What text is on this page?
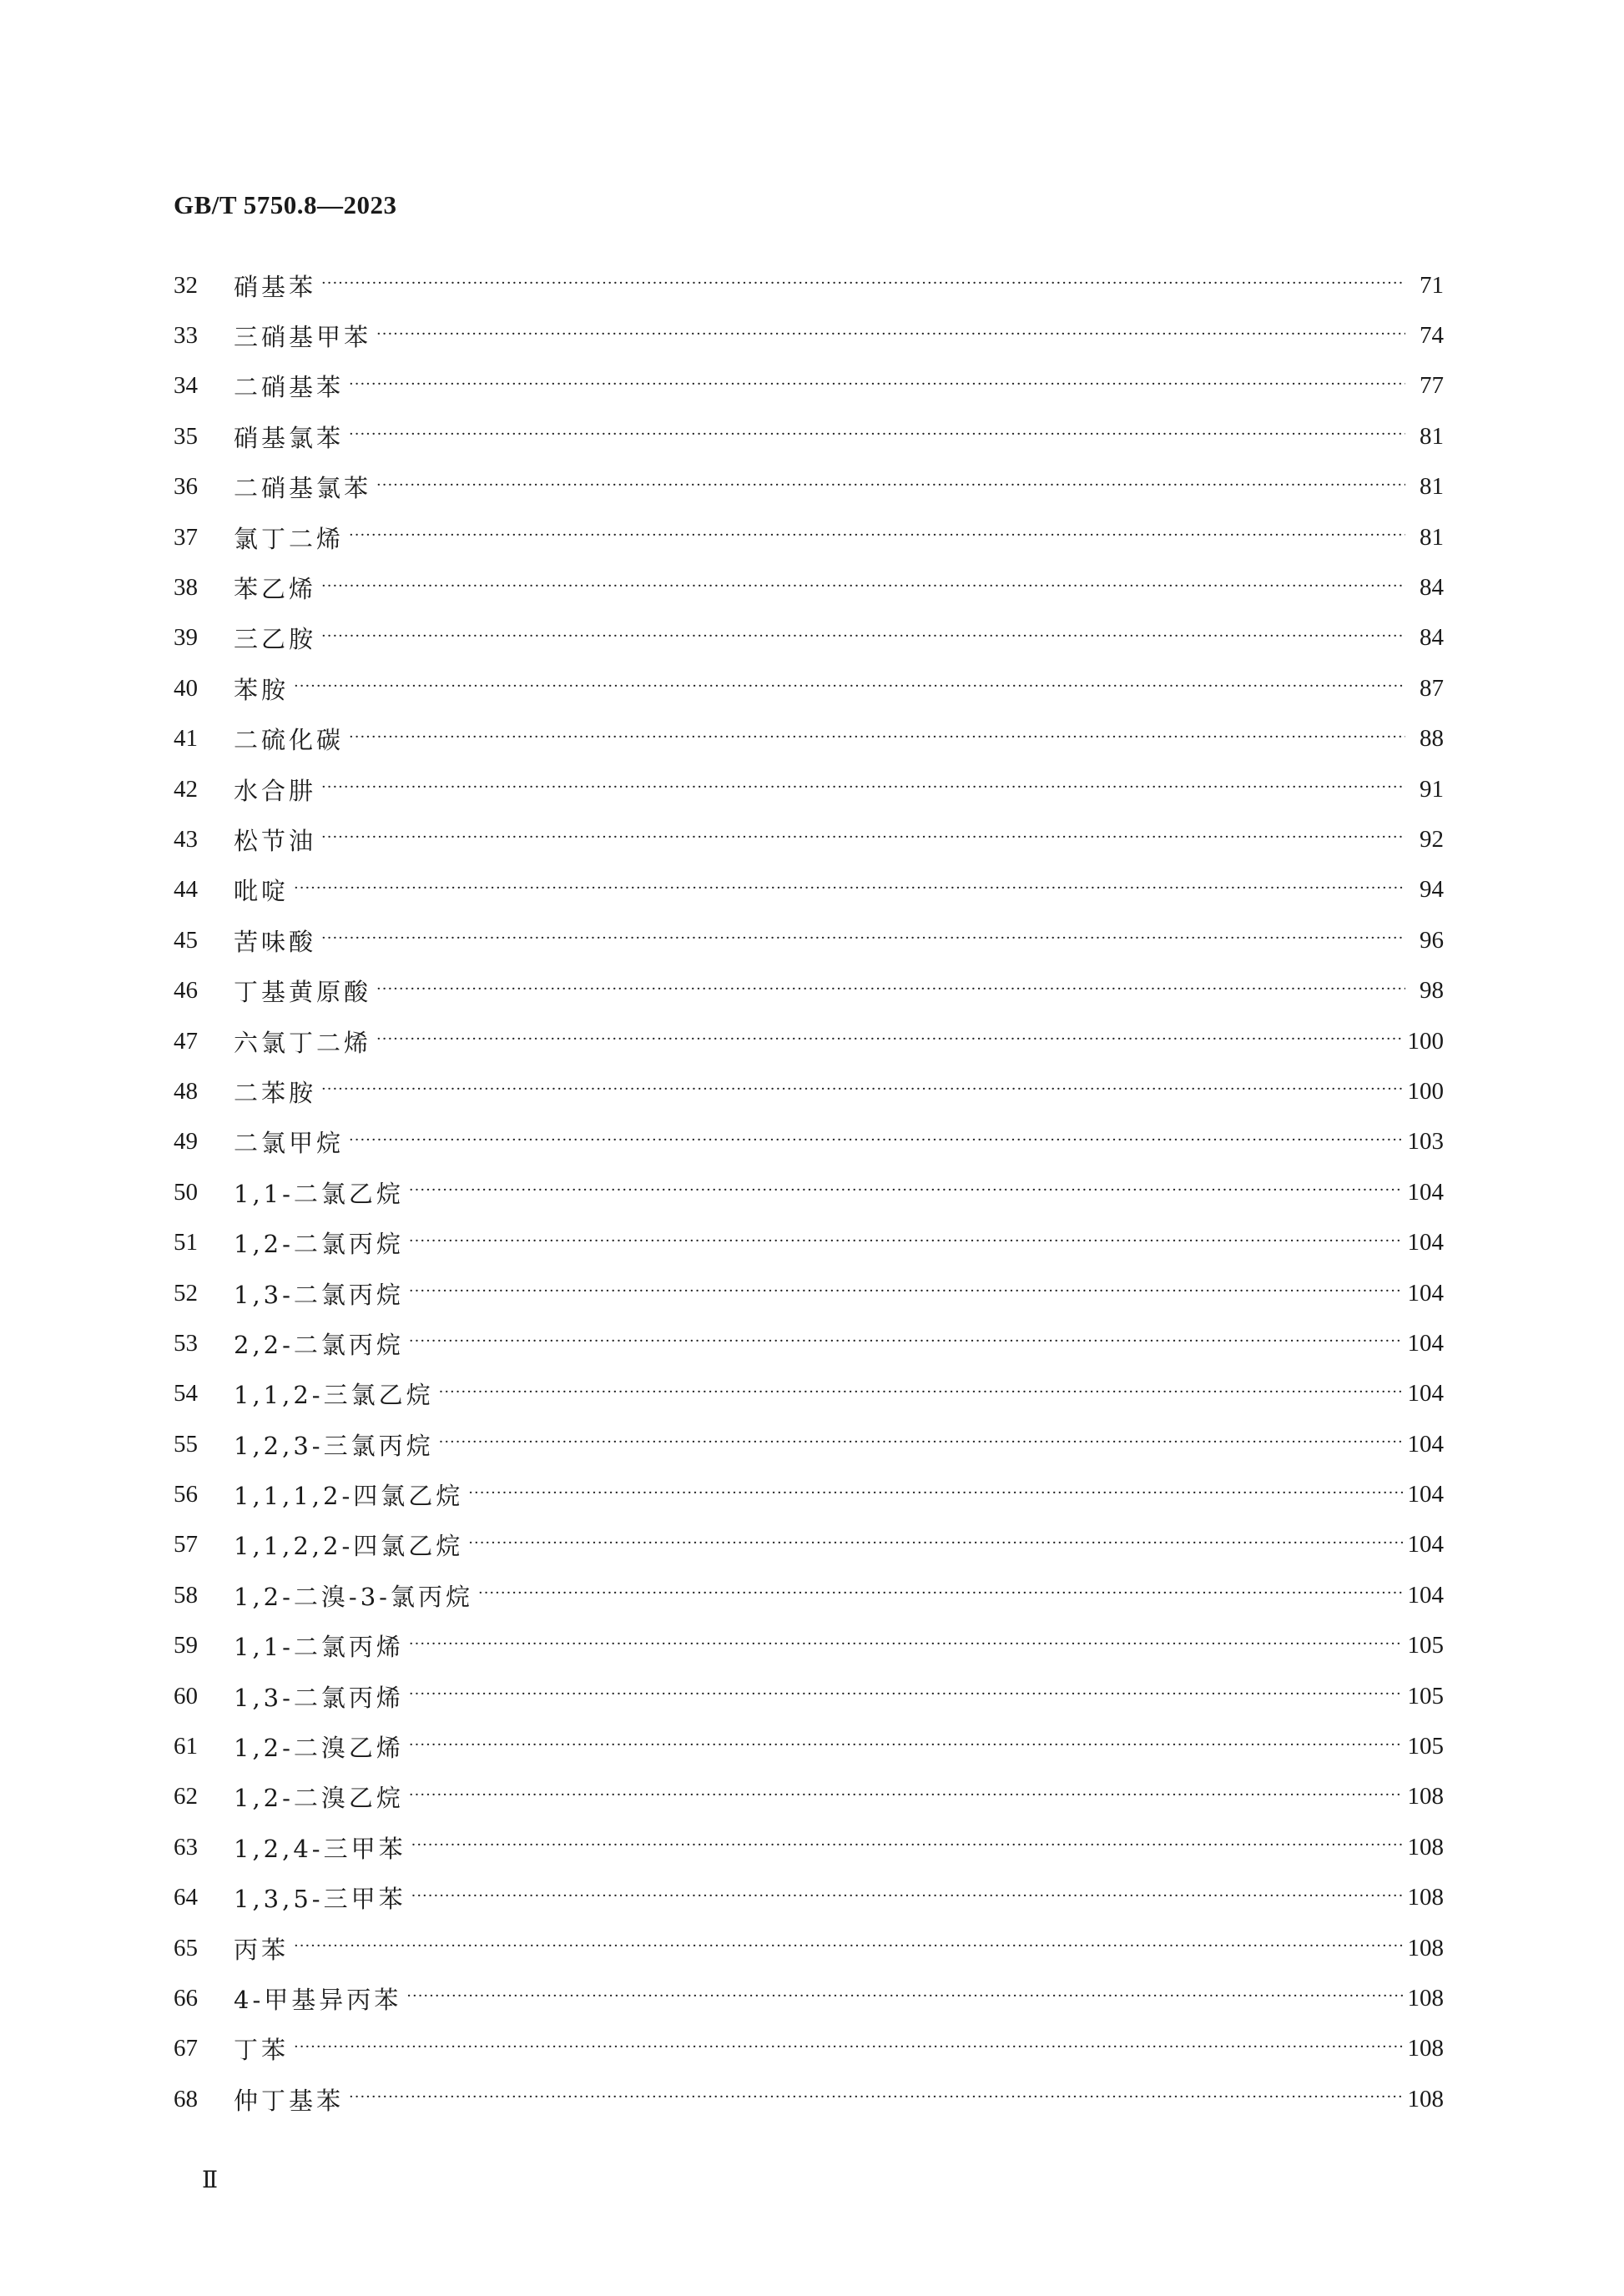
GB/T 5750.8—2023
32	硝基苯 ·····	71
33	三硝基甲苯 ·····	74
34	二硝基苯 ·····	77
35	硝基氯苯 ·····	81
36	二硝基氯苯 ·····	81
37	氯丁二烯 ·····	81
38	苯乙烯 ·····	84
39	三乙胺 ·····	84
40	苯胺 ·····	87
41	二硫化碳 ·····	88
42	水合肼 ·····	91
43	松节油 ·····	92
44	吡啶 ·····	94
45	苦味酸 ·····	96
46	丁基黄原酸 ·····	98
47	六氯丁二烯 ·····	100
48	二苯胺 ·····	100
49	二氯甲烷 ·····	103
50	1,1-二氯乙烷 ·····	104
51	1,2-二氯丙烷 ·····	104
52	1,3-二氯丙烷 ·····	104
53	2,2-二氯丙烷 ·····	104
54	1,1,2-三氯乙烷 ·····	104
55	1,2,3-三氯丙烷 ·····	104
56	1,1,1,2-四氯乙烷 ·····	104
57	1,1,2,2-四氯乙烷 ·····	104
58	1,2-二溴-3-氯丙烷 ·····	104
59	1,1-二氯丙烯 ·····	105
60	1,3-二氯丙烯 ·····	105
61	1,2-二溴乙烯 ·····	105
62	1,2-二溴乙烷 ·····	108
63	1,2,4-三甲苯 ·····	108
64	1,3,5-三甲苯 ·····	108
65	丙苯 ·····	108
66	4-甲基异丙苯 ·····	108
67	丁苯 ·····	108
68	仲丁基苯 ·····	108
Ⅱ
